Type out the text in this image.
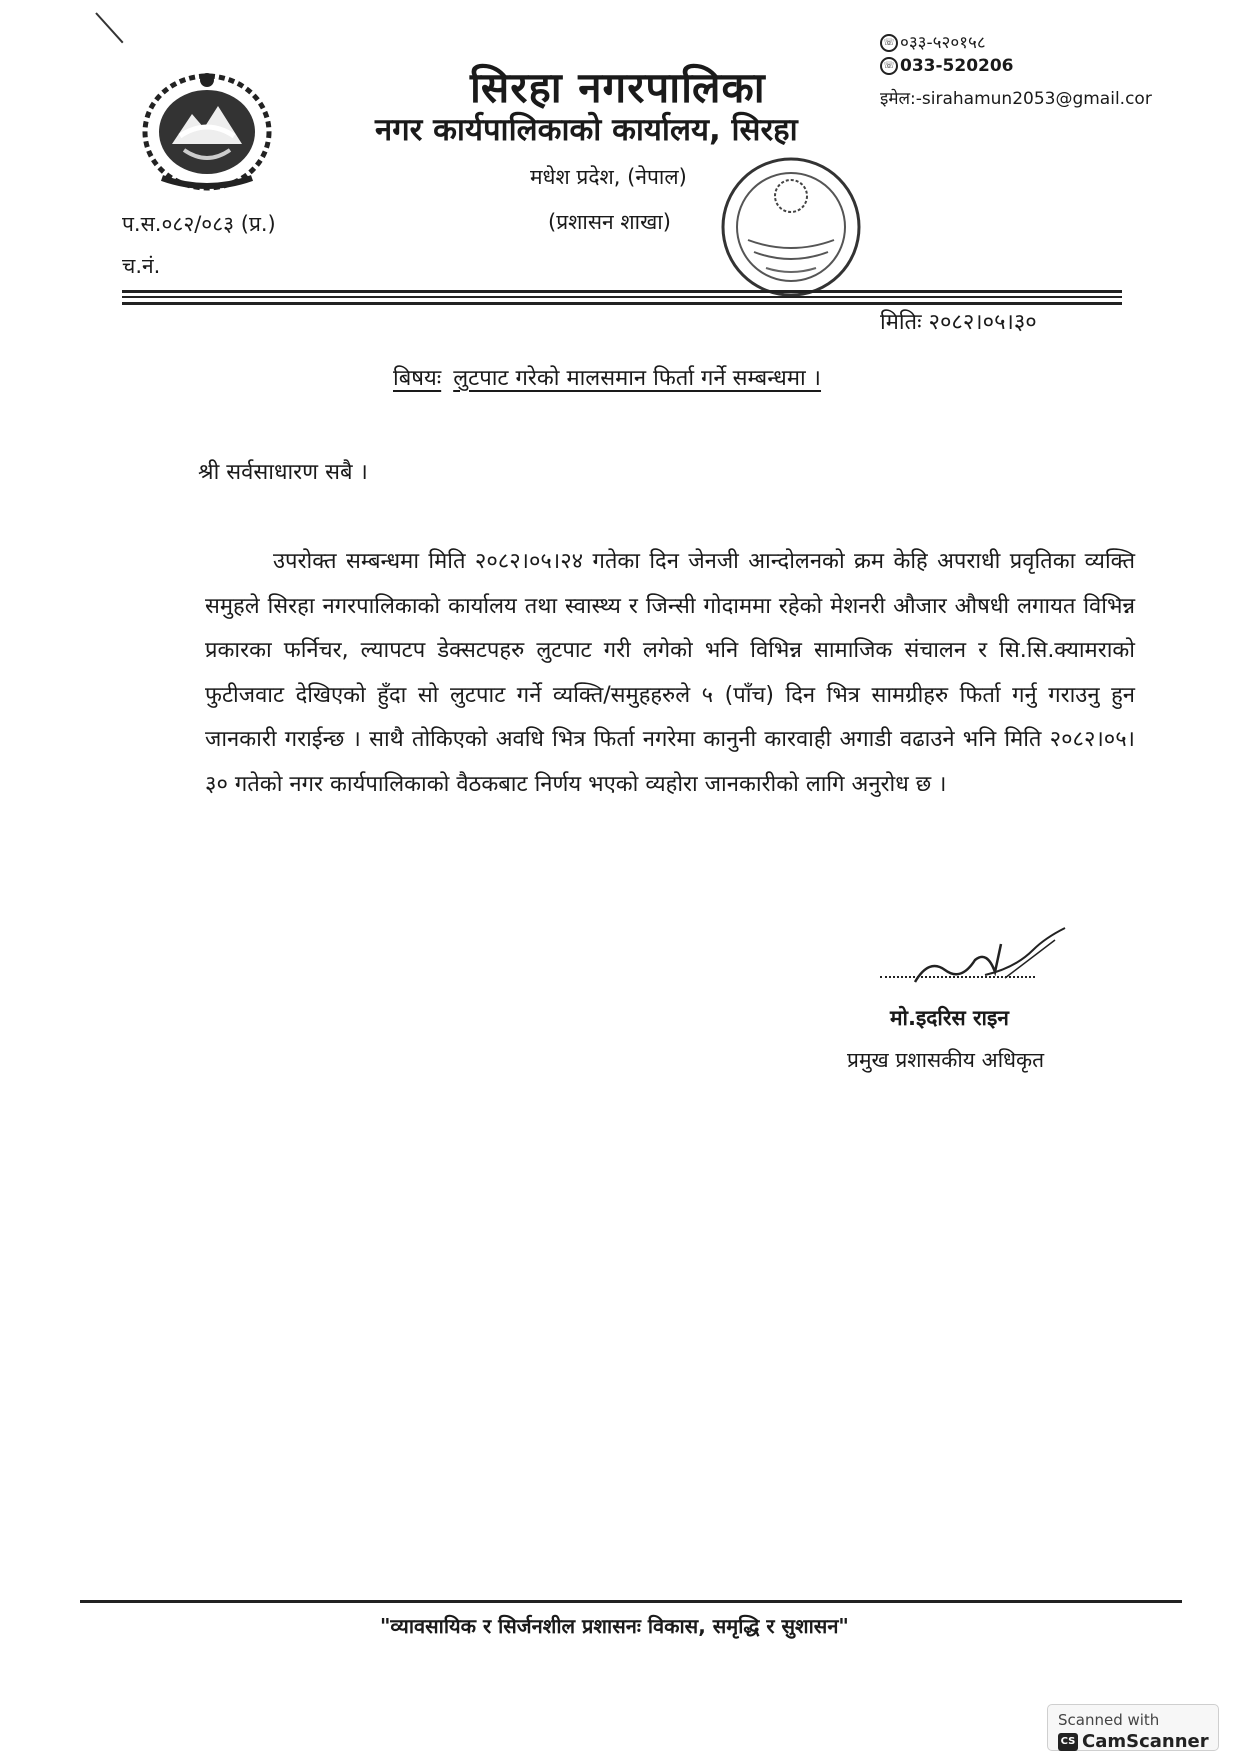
सिरहा नगरपालिका
नगर कार्यपालिकाको कार्यालय, सिरहा
मधेश प्रदेश, (नेपाल)
(प्रशासन शाखा)
☏ ०३३-५२०१५८
☏ 033-520206
इमेल:-sirahamun2053@gmail.cor
प.स.०८२/०८३ (प्र.)
च.नं.
मितिः २०८२।०५।३०
बिषयः लुटपाट गरेको मालसमान फिर्ता गर्ने सम्बन्धमा ।
श्री सर्वसाधारण सबै ।
उपरोक्त सम्बन्धमा मिति २०८२।०५।२४ गतेका दिन जेनजी आन्दोलनको क्रम केहि अपराधी प्रवृतिका व्यक्ति समुहले सिरहा नगरपालिकाको कार्यालय तथा स्वास्थ्य र जिन्सी गोदाममा रहेको मेशनरी औजार औषधी लगायत विभिन्न प्रकारका फर्निचर, ल्यापटप डेक्सटपहरु लुटपाट गरी लगेको भनि विभिन्न सामाजिक संचालन र सि.सि.क्यामराको फुटीजवाट देखिएको हुँदा सो लुटपाट गर्ने व्यक्ति/समुहहरुले ५ (पाँच) दिन भित्र सामग्रीहरु फिर्ता गर्नु गराउनु हुन जानकारी गराईन्छ । साथै तोकिएको अवधि भित्र फिर्ता नगरेमा कानुनी कारवाही अगाडी वढाउने भनि मिति २०८२।०५।३० गतेको नगर कार्यपालिकाको वैठकबाट निर्णय भएको व्यहोरा जानकारीको लागि अनुरोध छ ।
मो.इदरिस राइन
प्रमुख प्रशासकीय अधिकृत
"व्यावसायिक र सिर्जनशील प्रशासनः विकास, समृद्धि र सुशासन"
Scanned with
CS CamScanner
